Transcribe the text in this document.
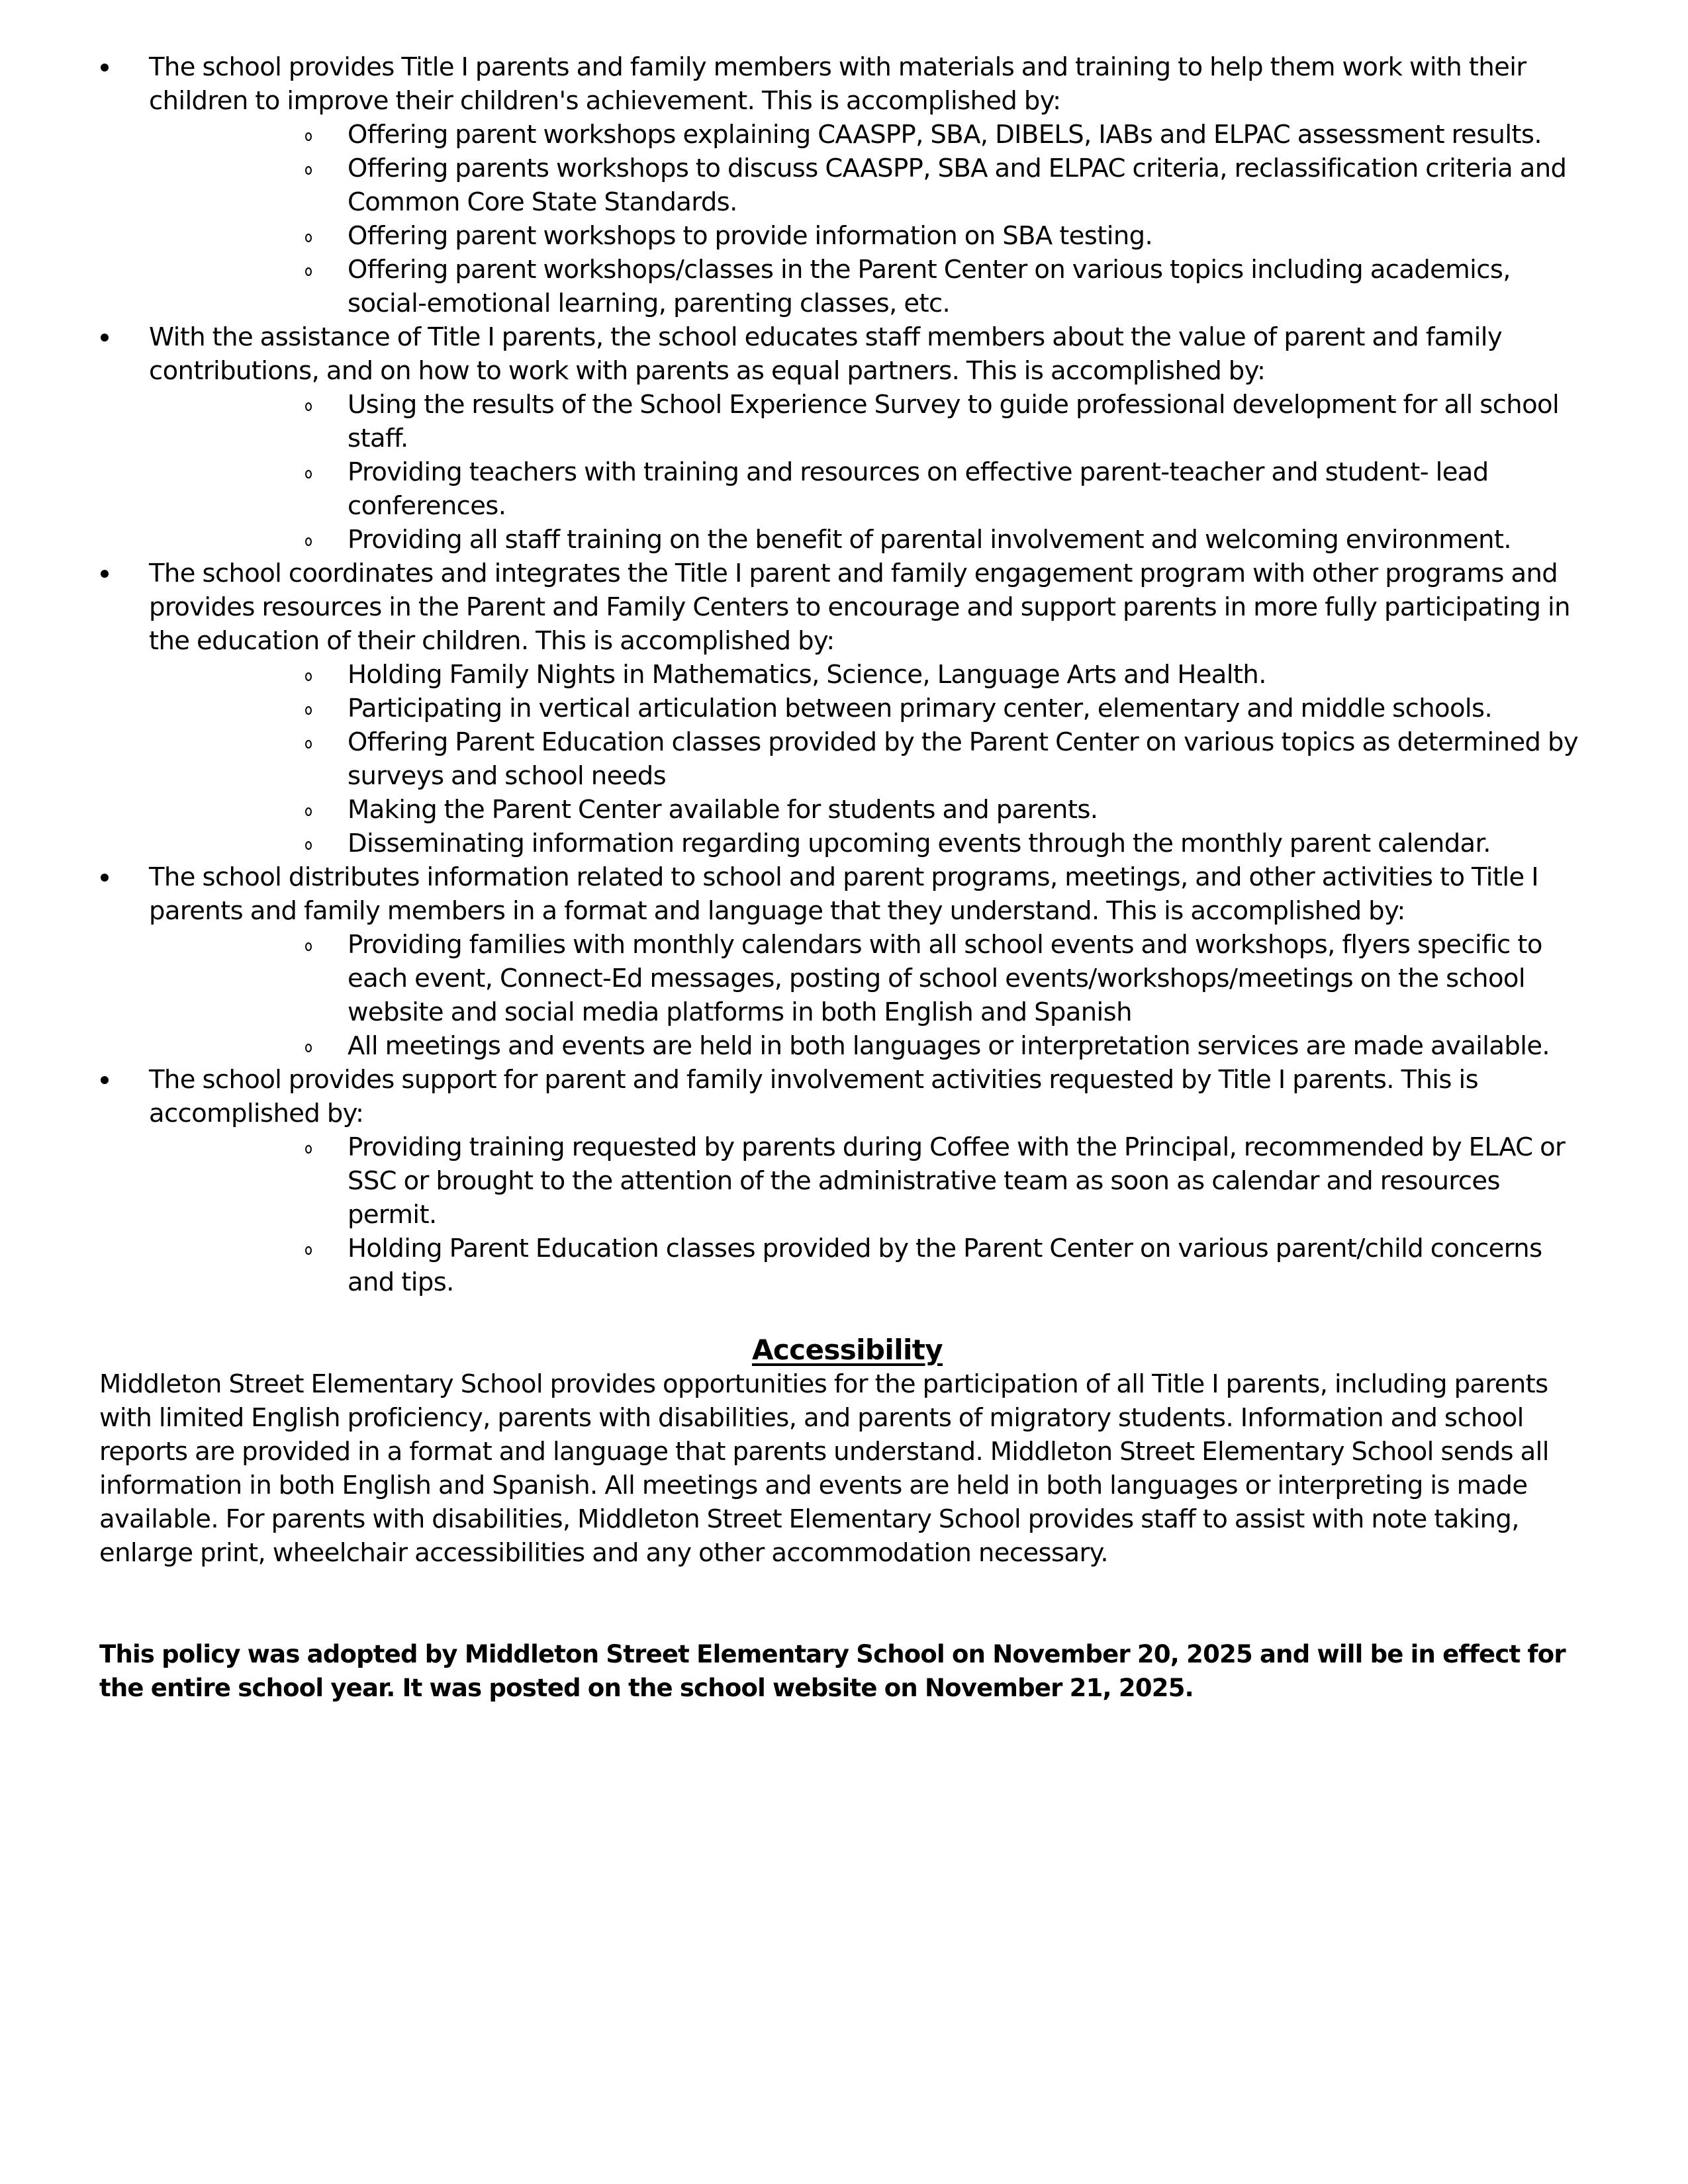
The school provides Title I parents and family members with materials and training to help them work with their children to improve their children's achievement. This is accomplished by:
Offering parent workshops explaining CAASPP, SBA, DIBELS, IABs and ELPAC assessment results.
Offering parents workshops to discuss CAASPP, SBA and ELPAC criteria, reclassification criteria and Common Core State Standards.
Offering parent workshops to provide information on SBA testing.
Offering parent workshops/classes in the Parent Center on various topics including academics, social-emotional learning, parenting classes, etc.
With the assistance of Title I parents, the school educates staff members about the value of parent and family contributions, and on how to work with parents as equal partners. This is accomplished by:
Using the results of the School Experience Survey to guide professional development for all school staff.
Providing teachers with training and resources on effective parent-teacher and student- lead conferences.
Providing all staff training on the benefit of parental involvement and welcoming environment.
The school coordinates and integrates the Title I parent and family engagement program with other programs and provides resources in the Parent and Family Centers to encourage and support parents in more fully participating in the education of their children. This is accomplished by:
Holding Family Nights in Mathematics, Science, Language Arts and Health.
Participating in vertical articulation between primary center, elementary and middle schools.
Offering Parent Education classes provided by the Parent Center on various topics as determined by surveys and school needs
Making the Parent Center available for students and parents.
Disseminating information regarding upcoming events through the monthly parent calendar.
The school distributes information related to school and parent programs, meetings, and other activities to Title I parents and family members in a format and language that they understand. This is accomplished by:
Providing families with monthly calendars with all school events and workshops, flyers specific to each event, Connect-Ed messages, posting of school events/workshops/meetings on the school website and social media platforms in both English and Spanish
All meetings and events are held in both languages or interpretation services are made available.
The school provides support for parent and family involvement activities requested by Title I parents. This is accomplished by:
Providing training requested by parents during Coffee with the Principal, recommended by ELAC or SSC or brought to the attention of the administrative team as soon as calendar and resources permit.
Holding Parent Education classes provided by the Parent Center on various parent/child concerns and tips.
Accessibility

Middleton Street Elementary School provides opportunities for the participation of all Title I parents, including parents with limited English proficiency, parents with disabilities, and parents of migratory students. Information and school reports are provided in a format and language that parents understand. Middleton Street Elementary School sends all information in both English and Spanish. All meetings and events are held in both languages or interpreting is made available. For parents with disabilities, Middleton Street Elementary School provides staff to assist with note taking, enlarge print, wheelchair accessibilities and any other accommodation necessary.

This policy was adopted by Middleton Street Elementary School on November 20, 2025 and will be in effect for the entire school year. It was posted on the school website on November 21, 2025.
